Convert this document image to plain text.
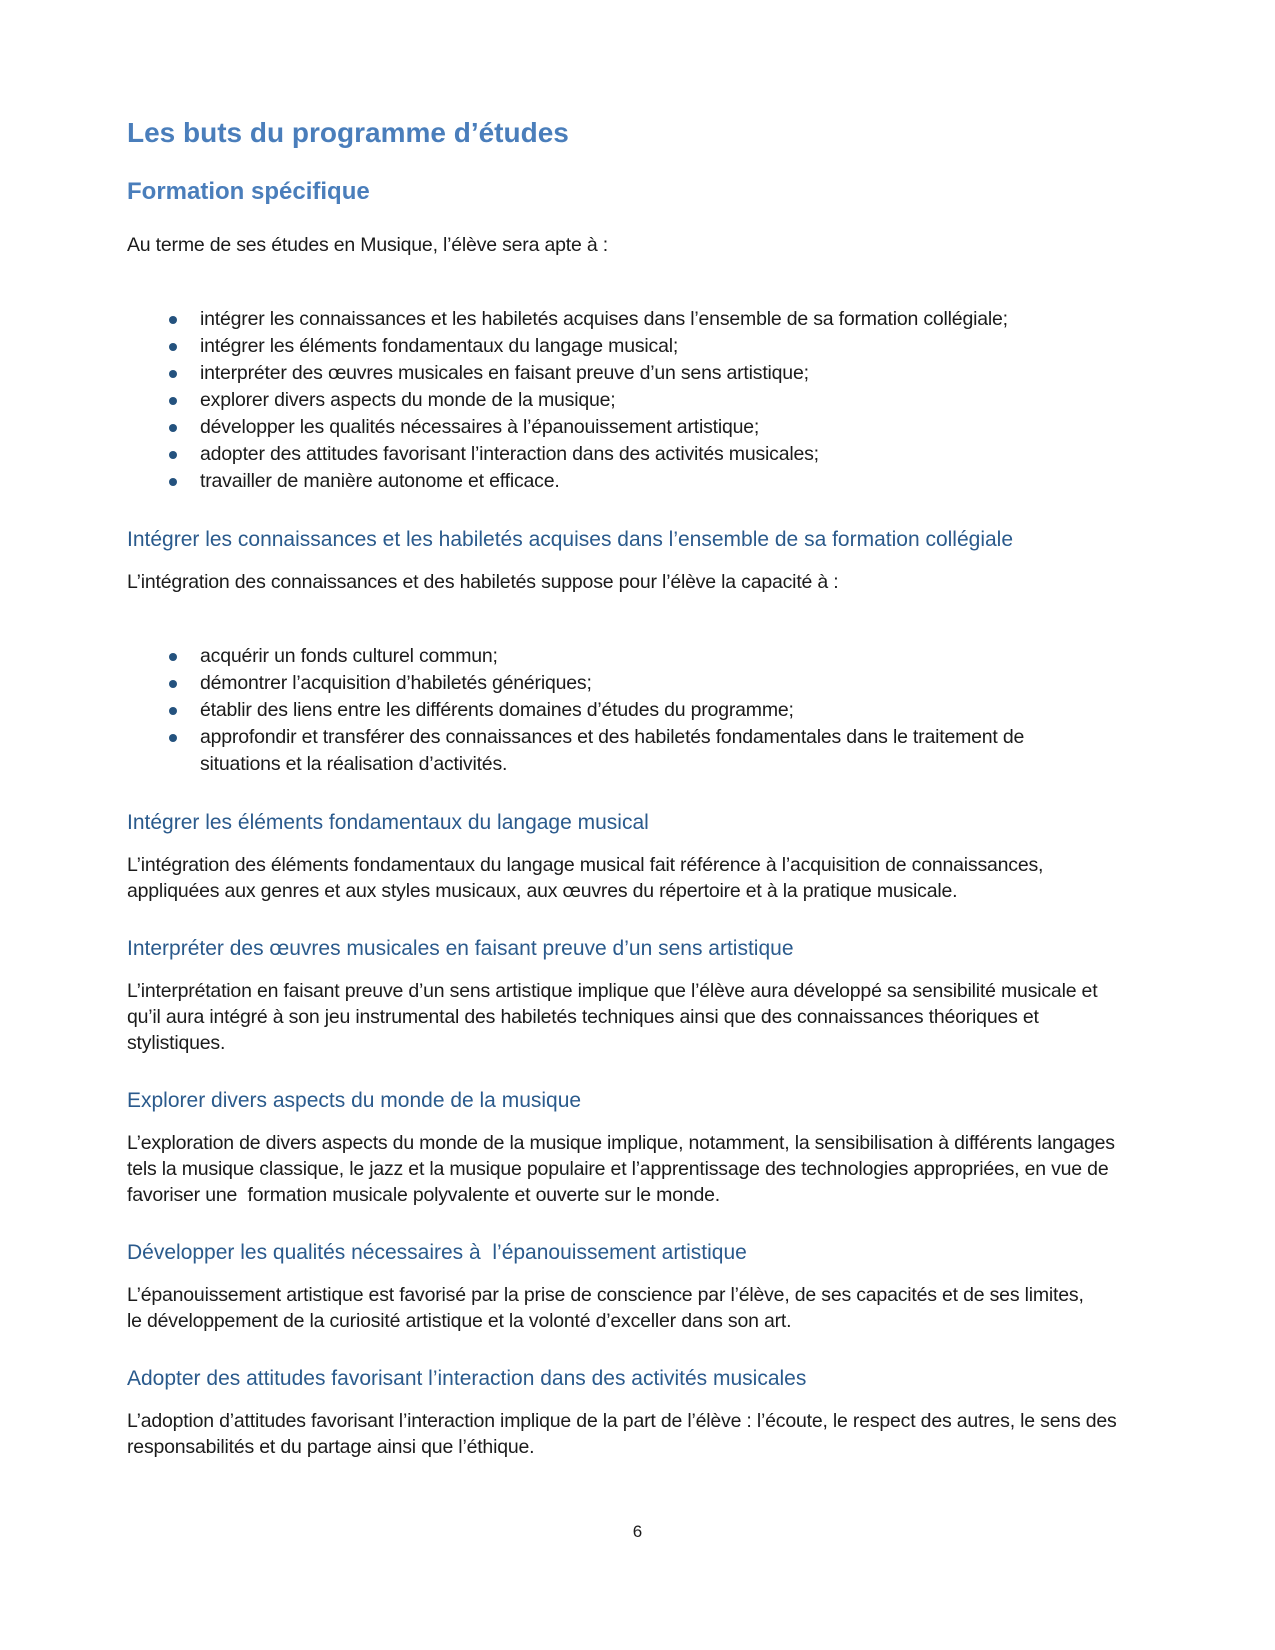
Les buts du programme d’études
Formation spécifique

Au terme de ses études en Musique, l’élève sera apte à :

intégrer les connaissances et les habiletés acquises dans l’ensemble de sa formation collégiale;
intégrer les éléments fondamentaux du langage musical;
interpréter des œuvres musicales en faisant preuve d’un sens artistique;
explorer divers aspects du monde de la musique;
développer les qualités nécessaires à l’épanouissement artistique;
adopter des attitudes favorisant l’interaction dans des activités musicales;
travailler de manière autonome et efficace.
Intégrer les connaissances et les habiletés acquises dans l’ensemble de sa formation collégiale

L’intégration des connaissances et des habiletés suppose pour l’élève la capacité à :

acquérir un fonds culturel commun;
démontrer l’acquisition d’habiletés génériques;
établir des liens entre les différents domaines d’études du programme;
approfondir et transférer des connaissances et des habiletés fondamentales dans le traitement de situations et la réalisation d’activités.
Intégrer les éléments fondamentaux du langage musical

L’intégration des éléments fondamentaux du langage musical fait référence à l’acquisition de connaissances, appliquées aux genres et aux styles musicaux, aux œuvres du répertoire et à la pratique musicale.

Interpréter des œuvres musicales en faisant preuve d’un sens artistique

L’interprétation en faisant preuve d’un sens artistique implique que l’élève aura développé sa sensibilité musicale et qu’il aura intégré à son jeu instrumental des habiletés techniques ainsi que des connaissances théoriques et stylistiques.

Explorer divers aspects du monde de la musique

L’exploration de divers aspects du monde de la musique implique, notamment, la sensibilisation à différents langages tels la musique classique, le jazz et la musique populaire et l’apprentissage des technologies appropriées, en vue de favoriser une  formation musicale polyvalente et ouverte sur le monde.

Développer les qualités nécessaires à  l’épanouissement artistique

L’épanouissement artistique est favorisé par la prise de conscience par l’élève, de ses capacités et de ses limites, le développement de la curiosité artistique et la volonté d’exceller dans son art.

Adopter des attitudes favorisant l’interaction dans des activités musicales

L’adoption d’attitudes favorisant l’interaction implique de la part de l’élève : l’écoute, le respect des autres, le sens des responsabilités et du partage ainsi que l’éthique.

6
